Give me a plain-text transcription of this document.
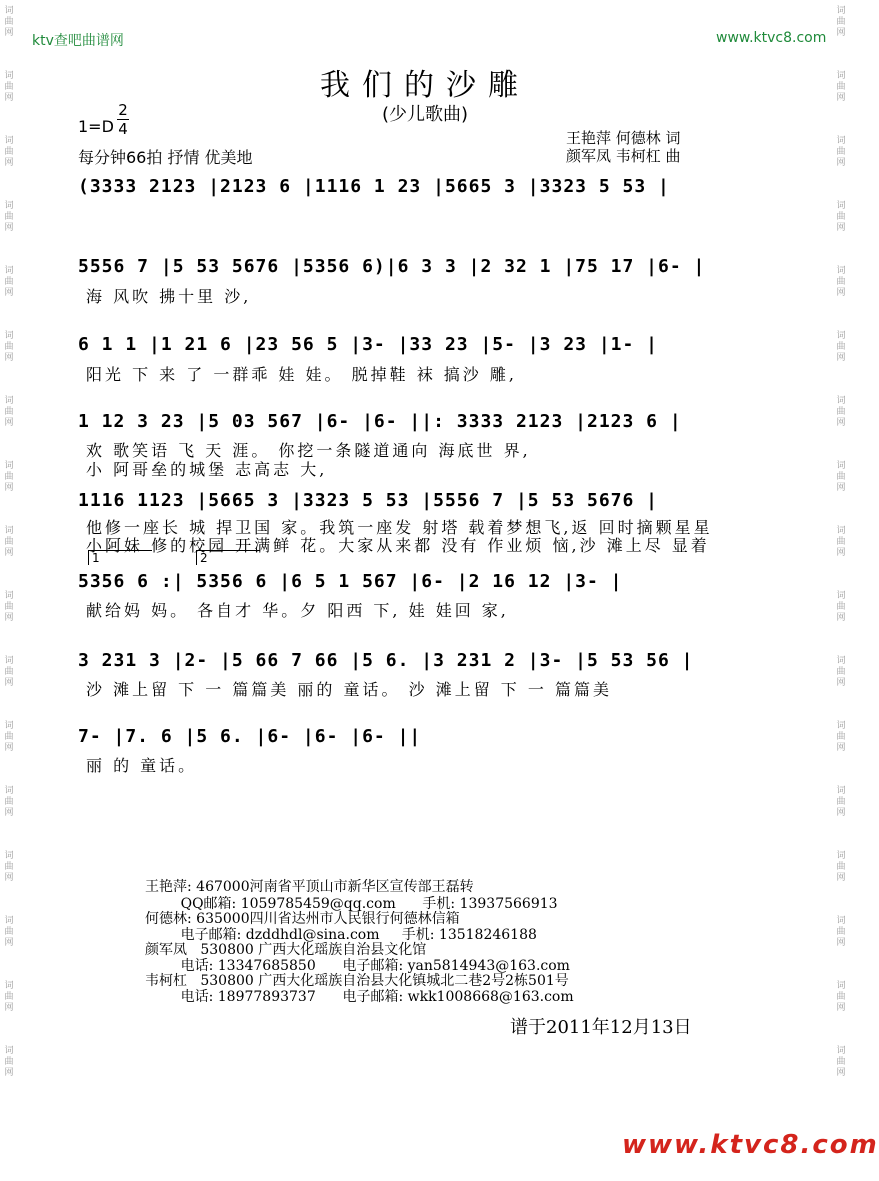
ktv查吧曲谱网	www.ktvc8.com
我们的沙雕
(少儿歌曲)
1=D
2
4
每分钟66拍 抒情 优美地
王艳萍 何德林 词
颜军凤 韦柯杠 曲
(3333 2123 |2123 6 |1116 1 23 |5665 3 |3323 5 53 |
5556 7 |5 53 5676 |5356 6)|6 3 3 |2 32 1 |75 17 |6- |
海 风吹 拂十里 沙,
6 1 1 |1 21 6 |23 56 5 |3- |33 23 |5- |3 23 |1- |
阳光 下 来 了 一群乖 娃 娃。 脱掉鞋 袜 搞沙 雕,
1 12 3 23 |5 03 567 |6- |6- ||: 3333 2123 |2123 6 |
欢 歌笑语 飞 天 涯。 你挖一条隧道通向 海底世 界,
小 阿哥垒的城堡 志高志 大,
1116 1123 |5665 3 |3323 5 53 |5556 7 |5 53 5676 |
他修一座长 城 捍卫国 家。我筑一座发 射塔 载着梦想飞,返 回时摘颗星星
小阿妹 修的校园 开满鲜 花。大家从来都 没有 作业烦 恼,沙 滩上尽 显着
1	2
5356 6 :| 5356 6 |6 5 1 567 |6- |2 16 12 |3- |
献给妈 妈。 各自才 华。夕 阳西 下, 娃 娃回 家,
3 231 3 |2- |5 66 7 66 |5 6. |3 231 2 |3- |5 53 56 |
沙 滩上留 下 一 篇篇美 丽的 童话。 沙 滩上留 下 一 篇篇美
7- |7. 6 |5 6. |6- |6- |6- ||
丽 的 童话。
王艳萍: 467000河南省平顶山市新华区宣传部王磊转
QQ邮箱: 1059785459@qq.com      手机: 13937566913
何德林: 635000四川省达州市人民银行何德林信箱
电子邮箱: dzddhdl@sina.com     手机: 13518246188
颜军凤   530800 广西大化瑶族自治县文化馆
电话: 13347685850      电子邮箱: yan5814943@163.com
韦柯杠   530800 广西大化瑶族自治县大化镇城北二巷2号2栋501号
电话: 18977893737      电子邮箱: wkk1008668@163.com
谱于2011年12月13日
www.ktvc8.com
词
曲
网
词
曲
网
词
曲
网
词
曲
网
词
曲
网
词
曲
网
词
曲
网
词
曲
网
词
曲
网
词
曲
网
词
曲
网
词
曲
网
词
曲
网
词
曲
网
词
曲
网
词
曲
网
词
曲
网
词
曲
网
词
曲
网
词
曲
网
词
曲
网
词
曲
网
词
曲
网
词
曲
网
词
曲
网
词
曲
网
词
曲
网
词
曲
网
词
曲
网
词
曲
网
词
曲
网
词
曲
网
词
曲
网
词
曲
网
